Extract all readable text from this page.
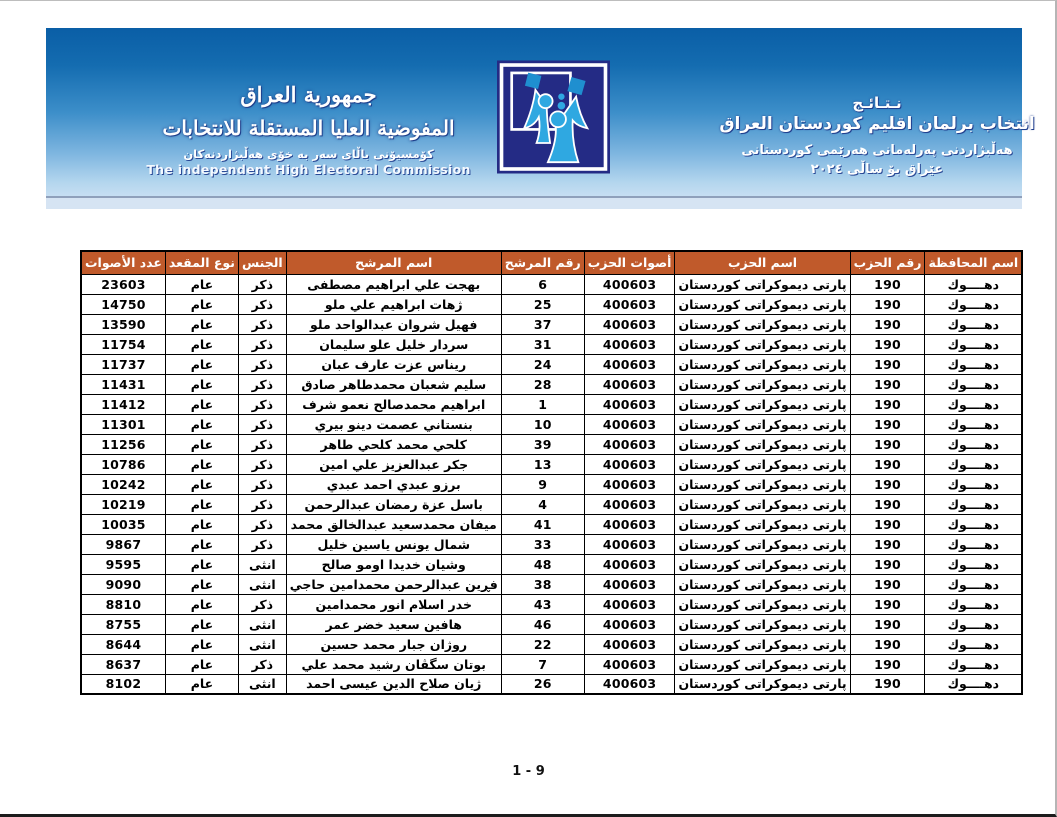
جمهورية العراق
المفوضية العليا المستقلة للانتخابات
كۆمسيۆنى باڵاى سەر بە خۆى هەڵبژاردنەكان
The independent High Electoral Commission
نـتـائـج
انتخاب برلمان اقليم كوردستان العراق
هەڵبژاردنى پەرلەمانى هەرێمى كوردستانى
عێراق بۆ ساڵى ٢٠٢٤
اسم المحافظة	رقم الحزب	اسم الحزب	أصوات الحزب	رقم المرشح	اسم المرشح	الجنس	نوع المقعد	عدد الأصوات
دهــــوك	190	پارتى ديموكراتى كوردستان	400603	6	بهجت علي ابراهيم مصطفى	ذكر	عام	23603
دهــــوك	190	پارتى ديموكراتى كوردستان	400603	25	ژهات ابراهيم علي ملو	ذكر	عام	14750
دهــــوك	190	پارتى ديموكراتى كوردستان	400603	37	فهيل شروان عبدالواحد ملو	ذكر	عام	13590
دهــــوك	190	پارتى ديموكراتى كوردستان	400603	31	سردار خليل علو سليمان	ذكر	عام	11754
دهــــوك	190	پارتى ديموكراتى كوردستان	400603	24	ريناس عزت عارف عبان	ذكر	عام	11737
دهــــوك	190	پارتى ديموكراتى كوردستان	400603	28	سليم شعبان محمدطاهر صادق	ذكر	عام	11431
دهــــوك	190	پارتى ديموكراتى كوردستان	400603	1	ابراهيم محمدصالح نعمو شرف	ذكر	عام	11412
دهــــوك	190	پارتى ديموكراتى كوردستان	400603	10	بنستاني عصمت دينو بيري	ذكر	عام	11301
دهــــوك	190	پارتى ديموكراتى كوردستان	400603	39	كلحي محمد كلحي طاهر	ذكر	عام	11256
دهــــوك	190	پارتى ديموكراتى كوردستان	400603	13	جكر عبدالعزيز علي امين	ذكر	عام	10786
دهــــوك	190	پارتى ديموكراتى كوردستان	400603	9	برزو عبدي احمد عبدي	ذكر	عام	10242
دهــــوك	190	پارتى ديموكراتى كوردستان	400603	4	باسل عزة رمضان عبدالرحمن	ذكر	عام	10219
دهــــوك	190	پارتى ديموكراتى كوردستان	400603	41	ميفان محمدسعيد عبدالخالق محمد	ذكر	عام	10035
دهــــوك	190	پارتى ديموكراتى كوردستان	400603	33	شمال يونس ياسين خليل	ذكر	عام	9867
دهــــوك	190	پارتى ديموكراتى كوردستان	400603	48	وشيان خديدا اومو صالح	انثى	عام	9595
دهــــوك	190	پارتى ديموكراتى كوردستان	400603	38	فڕين عبدالرحمن محمدامين حاجي	انثى	عام	9090
دهــــوك	190	پارتى ديموكراتى كوردستان	400603	43	خدر اسلام انور محمدامين	ذكر	عام	8810
دهــــوك	190	پارتى ديموكراتى كوردستان	400603	46	هافين سعيد خضر عمر	انثى	عام	8755
دهــــوك	190	پارتى ديموكراتى كوردستان	400603	22	روژان جبار محمد حسين	انثى	عام	8644
دهــــوك	190	پارتى ديموكراتى كوردستان	400603	7	بوتان سگڤان رشيد محمد علي	ذكر	عام	8637
دهــــوك	190	پارتى ديموكراتى كوردستان	400603	26	ژيان صلاح الدين عيسى احمد	انثى	عام	8102
1 - 9
